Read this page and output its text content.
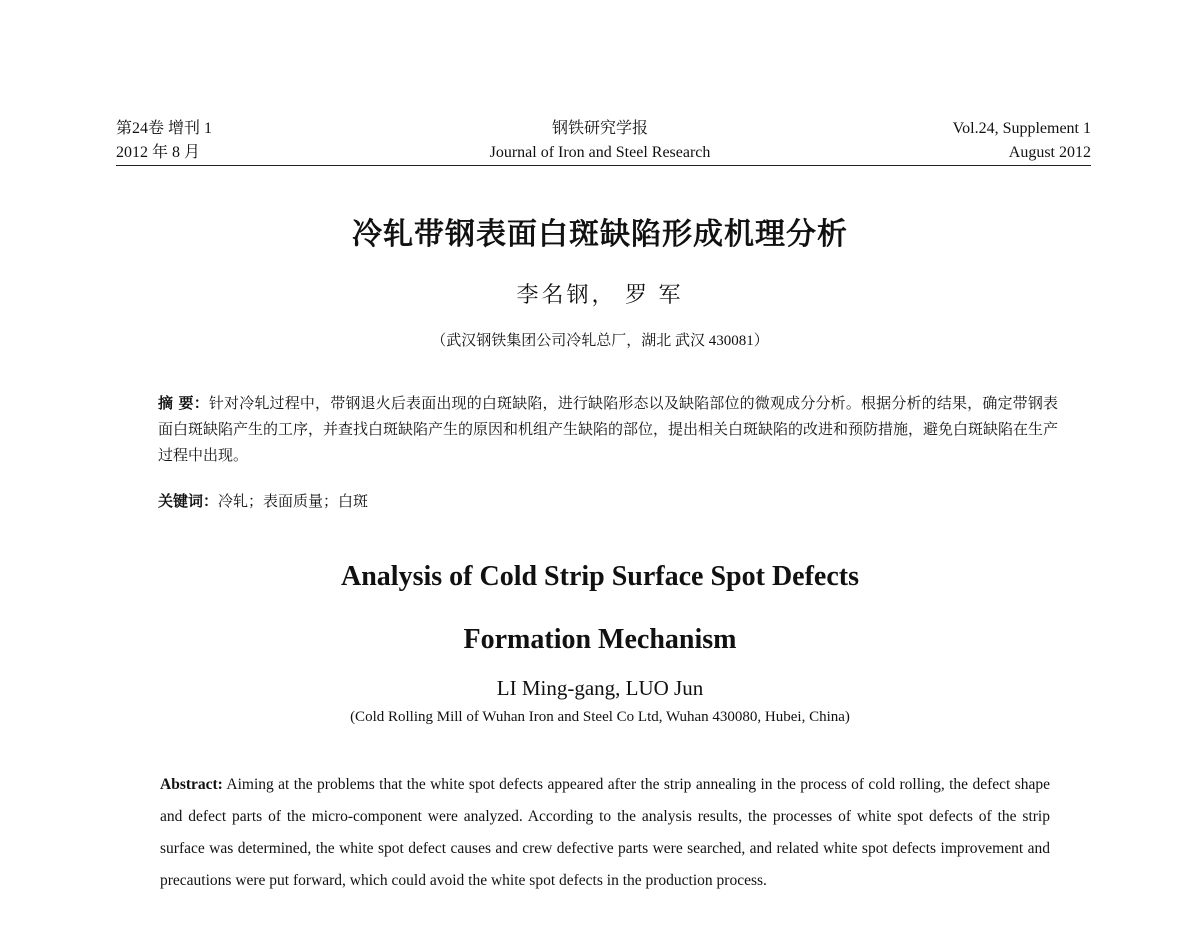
第24卷 增刊 1
2012 年 8 月
钢铁研究学报
Journal of Iron and Steel Research
Vol.24, Supplement 1
August 2012
冷轧带钢表面白斑缺陷形成机理分析
李名钢， 罗 军
（武汉钢铁集团公司冷轧总厂，湖北 武汉 430081）
摘 要：针对冷轧过程中，带钢退火后表面出现的白斑缺陷，进行缺陷形态以及缺陷部位的微观成分分析。根据分析的结果，确定带钢表面白斑缺陷产生的工序，并查找白斑缺陷产生的原因和机组产生缺陷的部位，提出相关白斑缺陷的改进和预防措施，避免白斑缺陷在生产过程中出现。
关键词：冷轧；表面质量；白斑
Analysis of Cold Strip Surface Spot Defects
Formation Mechanism
LI Ming-gang, LUO Jun
(Cold Rolling Mill of Wuhan Iron and Steel Co Ltd, Wuhan 430080, Hubei, China)
Abstract: Aiming at the problems that the white spot defects appeared after the strip annealing in the process of cold rolling, the defect shape and defect parts of the micro-component were analyzed. According to the analysis results, the processes of white spot defects of the strip surface was determined, the white spot defect causes and crew defective parts were searched, and related white spot defects improvement and precautions were put forward, which could avoid the white spot defects in the production process.
